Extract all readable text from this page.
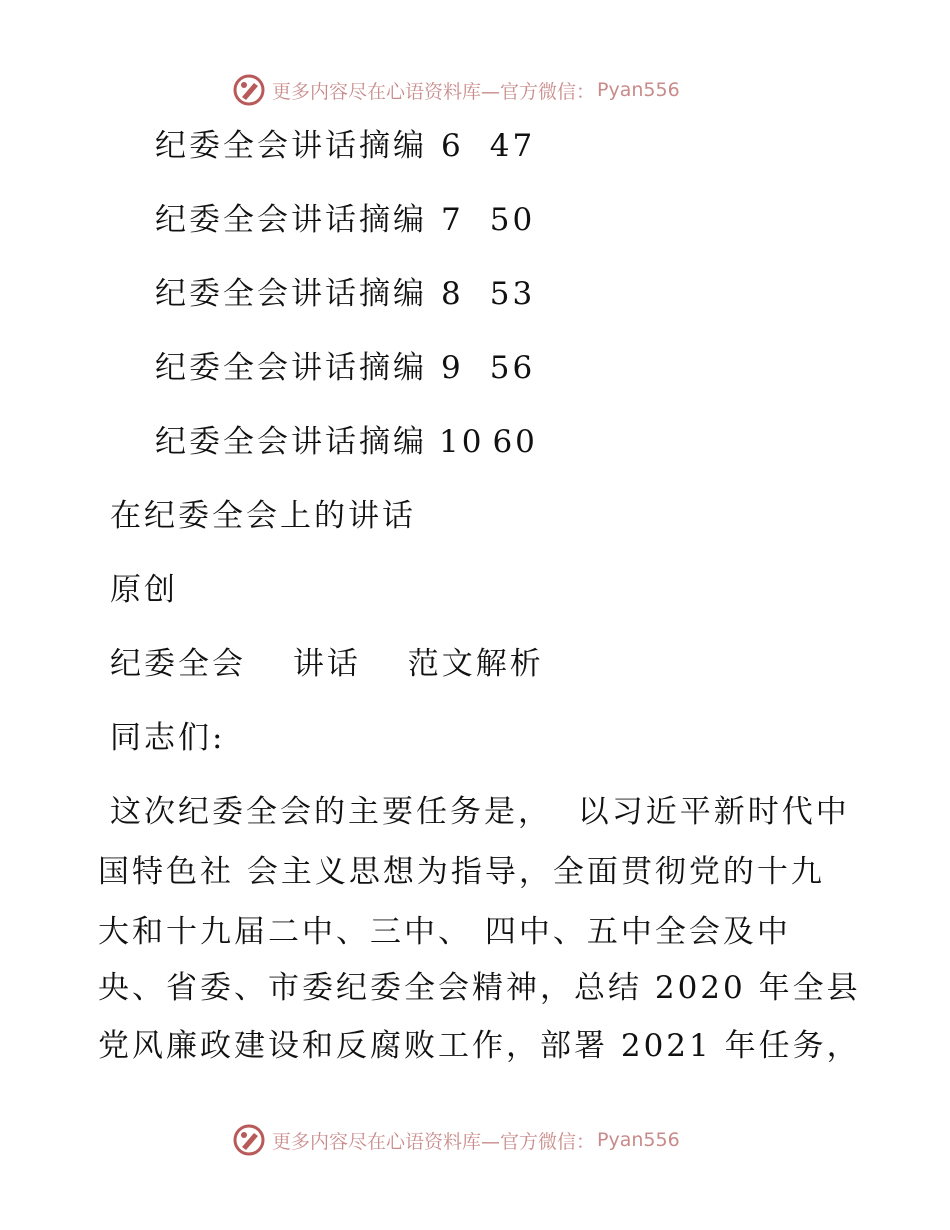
更多内容尽在心语资料库—官方微信： Pyan556
纪委全会讲话摘编 6 47
纪委全会讲话摘编 7 50
纪委全会讲话摘编 8 53
纪委全会讲话摘编 9 56
纪委全会讲话摘编 10 60
在纪委全会上的讲话
原创
纪委全会　 讲话　 范文解析
同志们:
这次纪委全会的主要任务是，  以习近平新时代中
国特色社 会主义思想为指导，全面贯彻党的十九
大和十九届二中、三中、 四中、五中全会及中
央、省委、市委纪委全会精神，总结 2020 年全县
党风廉政建设和反腐败工作，部署 2021 年任务，
更多内容尽在心语资料库—官方微信： Pyan556
